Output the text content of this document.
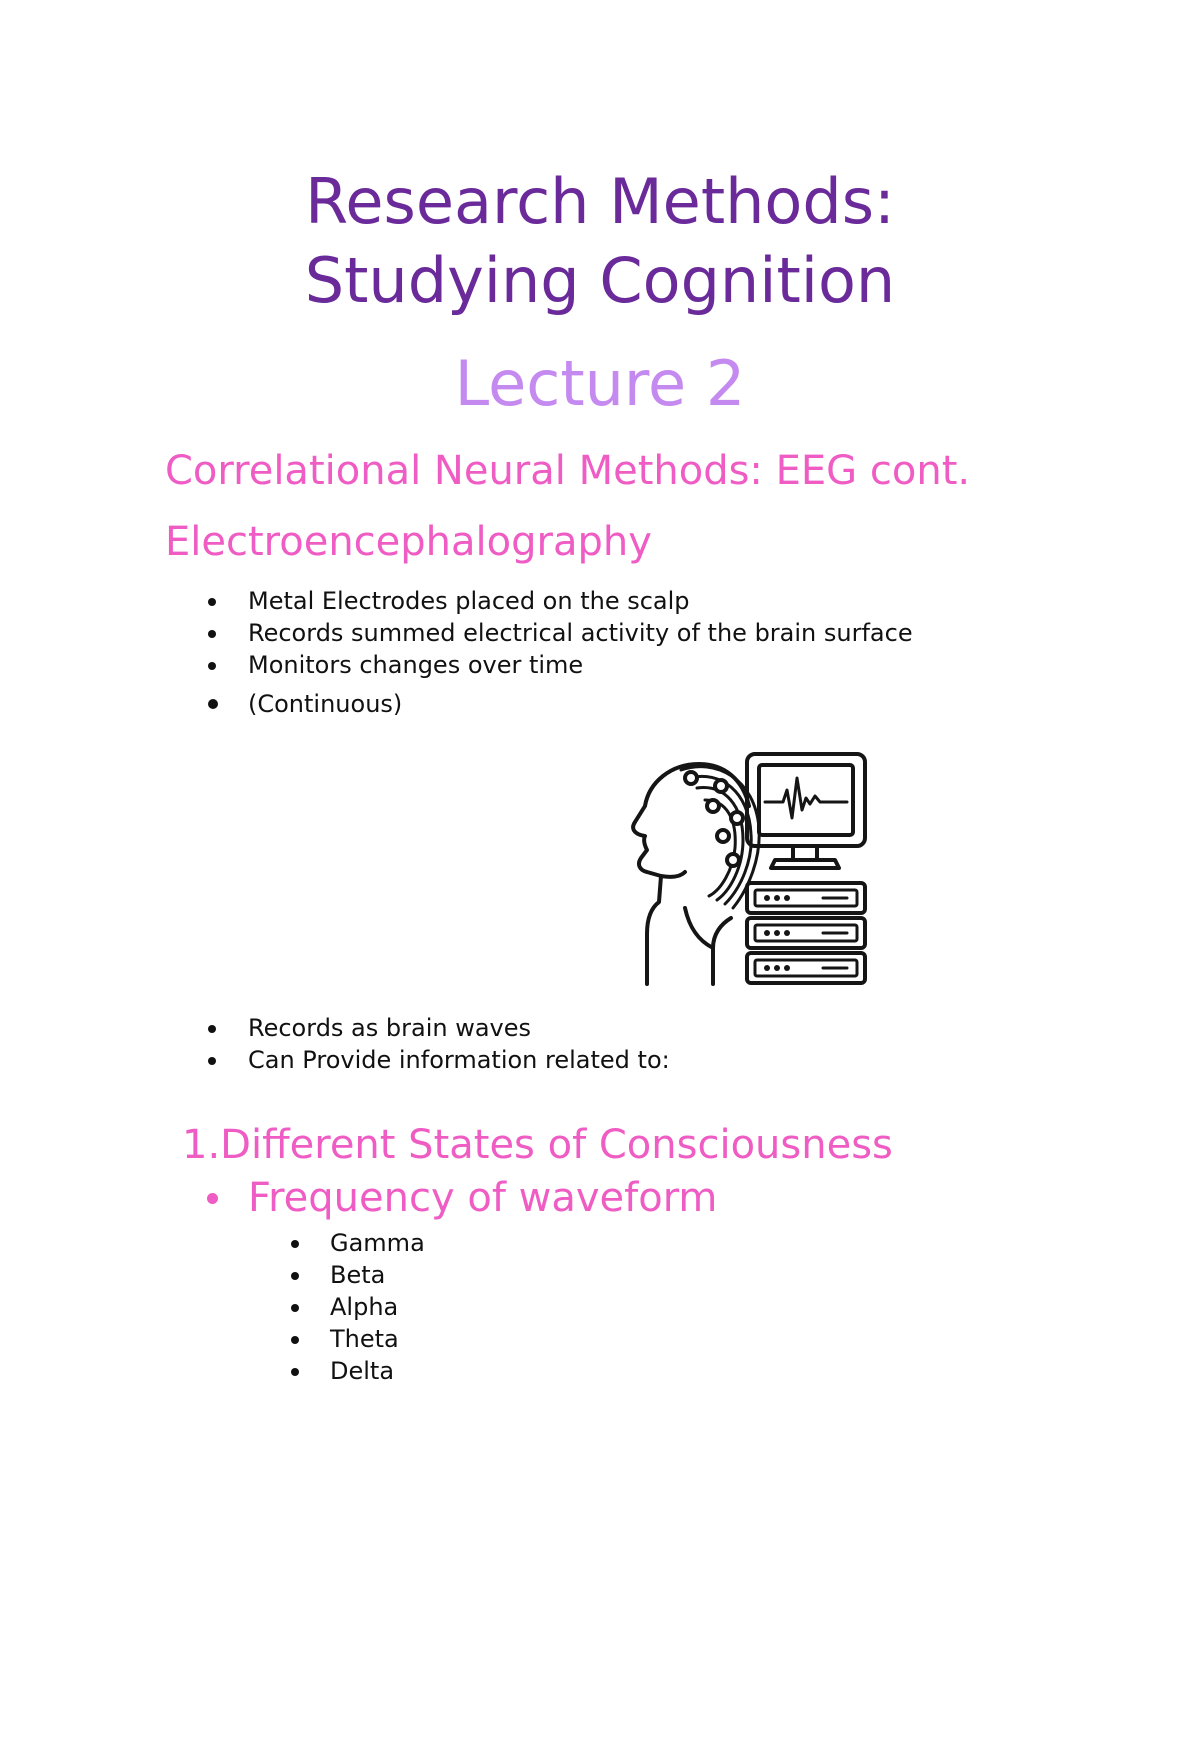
Research Methods:
Studying Cognition
Lecture 2
Correlational Neural Methods: EEG cont.
Electroencephalography
Metal Electrodes placed on the scalp
Records summed electrical activity of the brain surface
Monitors changes over time
(Continuous)
Records as brain waves
Can Provide information related to:
1.Different States of Consciousness
Frequency of waveform
Gamma
Beta
Alpha
Theta
Delta
